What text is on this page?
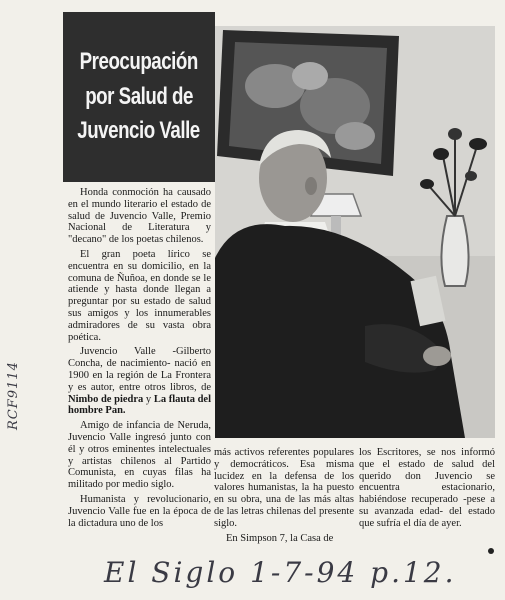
Preocupación
por Salud de
Juvencio Valle

Honda conmoción ha causado en el mundo literario el estado de salud de Juvencio Valle, Premio Nacional de Literatura y "decano" de los poetas chilenos.

El gran poeta lírico se encuentra en su domicilio, en la comuna de Ñuñoa, en donde se le atiende y hasta donde llegan a preguntar por su estado de salud sus amigos y los innumerables admiradores de su vasta obra poética.

Juvencio Valle -Gilberto Concha, de nacimiento- nació en 1900 en la región de La Frontera y es autor, entre otros libros, de Nimbo de piedra y La flauta del hombre Pan.

Amigo de infancia de Neruda, Juvencio Valle ingresó junto con él y otros eminentes intelectuales y artistas chilenos al Partido Comunista, en cuyas filas ha militado por medio siglo.

Humanista y revolucionario, Juvencio Valle fue en la época de la dictadura uno de los

más activos referentes populares y democráticos. Esa misma lucidez en la defensa de los valores humanistas, la ha puesto en su obra, una de las más altas de las letras chilenas del presente siglo.

En Simpson 7, la Casa de

los Escritores, se nos informó que el estado de salud del querido don Juvencio se encuentra estacionario, habiéndose recuperado -pese a su avanzada edad- del estado que sufría el día de ayer.

RCF9114
El Siglo 1-7-94 p.12.
